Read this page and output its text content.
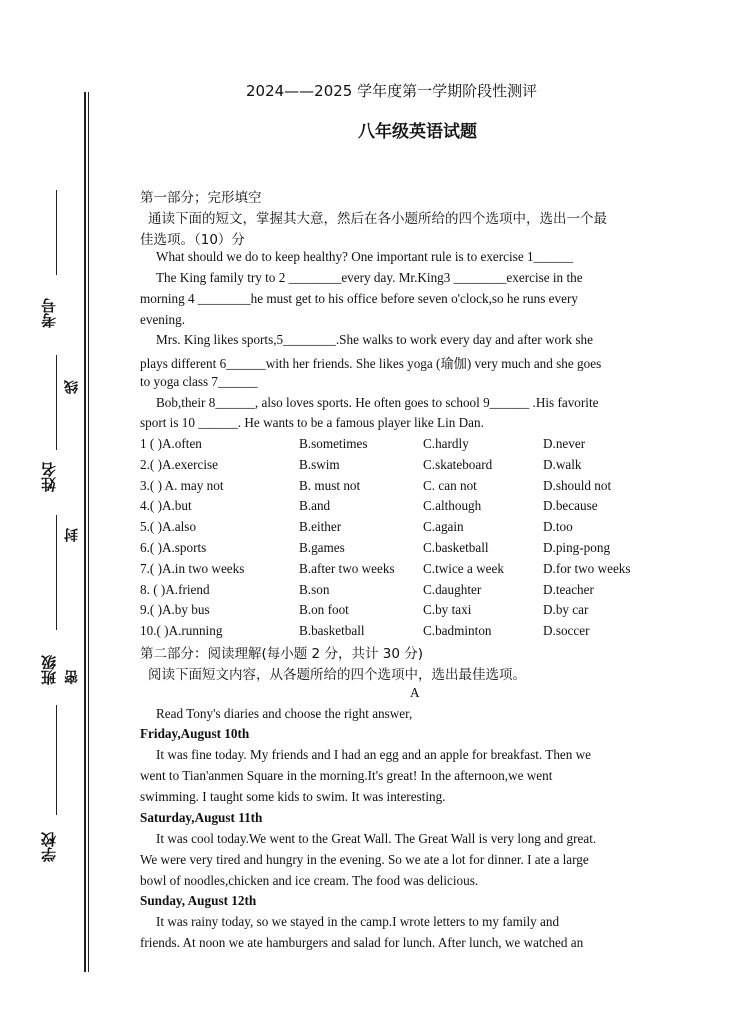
考号
线
姓名
封
班级 密
学校
2024——2025 学年度第一学期阶段性测评
八年级英语试题
第一部分；完形填空
通读下面的短文，掌握其大意，然后在各小题所给的四个选项中，选出一个最
佳选项。（10）分
What should we do to keep healthy? One important rule is to exercise 1______
The King family try to 2 ________every day. Mr.King3 ________exercise in the
morning 4 ________he must get to his office before seven o'clock,so he runs every
evening.
Mrs. King likes sports,5________.She walks to work every day and after work she
plays different 6______with her friends. She likes yoga (瑜伽) very much and she goes
to yoga class 7______
Bob,their 8______, also loves sports. He often goes to school 9______ .His favorite
sport is 10 ______. He wants to be a famous player like Lin Dan.
1 ( )A.often	B.sometimes	C.hardly	D.never
2.( )A.exercise	B.swim	C.skateboard	D.walk
3.( ) A. may not	B. must not	C. can not	D.should not
4.( )A.but	B.and	C.although	D.because
5.( )A.also	B.either	C.again	D.too
6.( )A.sports	B.games	C.basketball	D.ping-pong
7.( )A.in two weeks	B.after two weeks C.twice a week	D.for two weeks
8. ( )A.friend	B.son	C.daughter	D.teacher
9.( )A.by bus	B.on foot	C.by taxi	D.by car
10.( )A.running	B.basketball	C.badminton	D.soccer
第二部分：阅读理解(每小题 2 分，共计 30 分)
阅读下面短文内容，从各题所给的四个选项中，选出最佳选项。
A
Read Tony's diaries and choose the right answer,
Friday,August 10th
It was fine today. My friends and I had an egg and an apple for breakfast. Then we
went to Tian'anmen Square in the morning.It's great! In the afternoon,we went
swimming. I taught some kids to swim. It was interesting.
Saturday,August 11th
It was cool today.We went to the Great Wall. The Great Wall is very long and great.
We were very tired and hungry in the evening. So we ate a lot for dinner. I ate a large
bowl of noodles,chicken and ice cream. The food was delicious.
Sunday, August 12th
It was rainy today, so we stayed in the camp.I wrote letters to my family and
friends. At noon we ate hamburgers and salad for lunch. After lunch, we watched an
